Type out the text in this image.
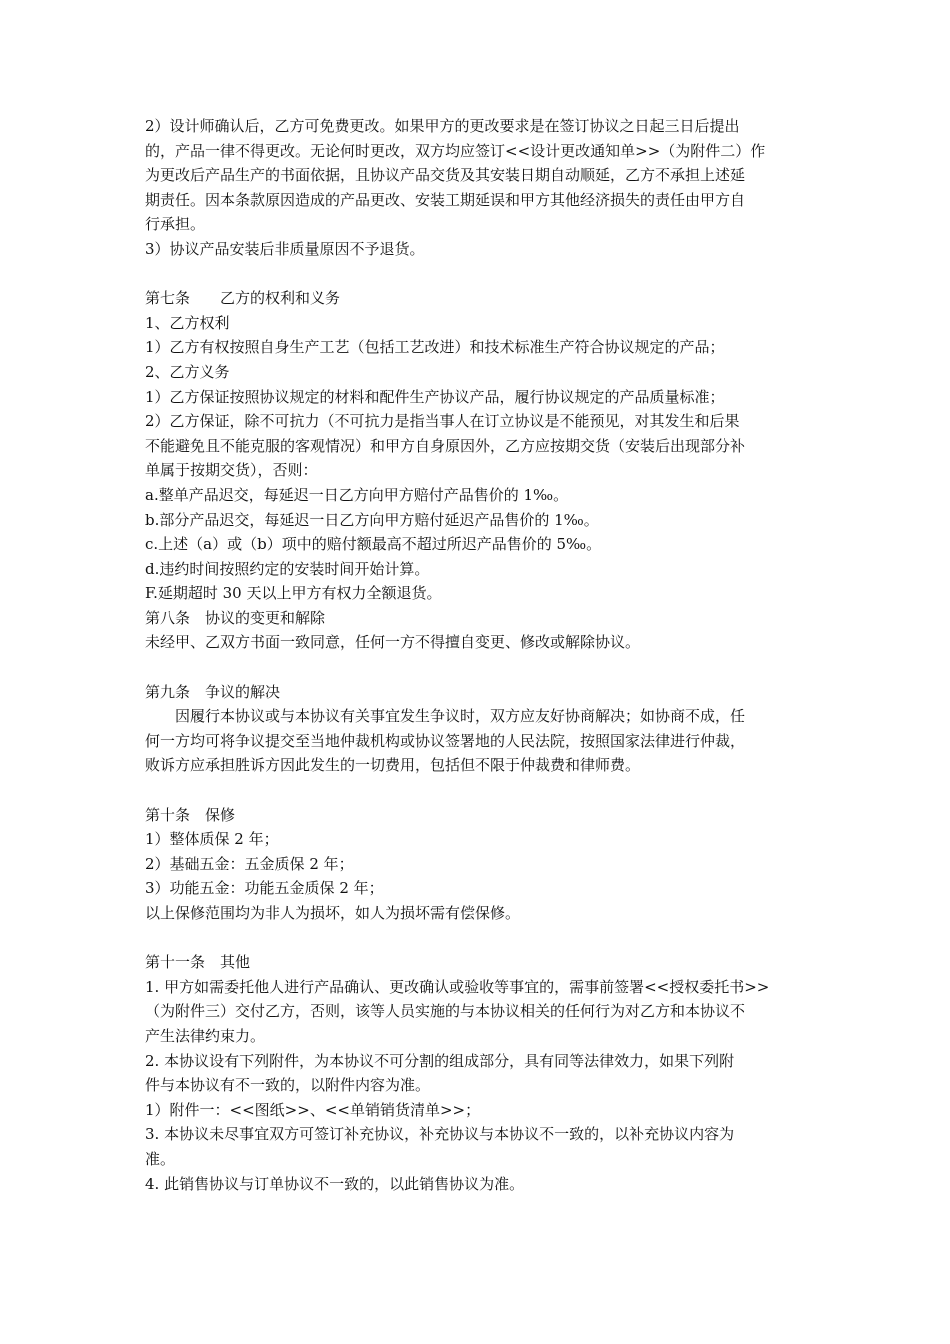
2）设计师确认后，乙方可免费更改。如果甲方的更改要求是在签订协议之日起三日后提出
的，产品一律不得更改。无论何时更改，双方均应签订<<设计更改通知单>>（为附件二）作
为更改后产品生产的书面依据，且协议产品交货及其安装日期自动顺延，乙方不承担上述延
期责任。因本条款原因造成的产品更改、安装工期延误和甲方其他经济损失的责任由甲方自
行承担。
3）协议产品安装后非质量原因不予退货。
第七条　　乙方的权利和义务
1、乙方权利
1）乙方有权按照自身生产工艺（包括工艺改进）和技术标准生产符合协议规定的产品；
2、乙方义务
1）乙方保证按照协议规定的材料和配件生产协议产品，履行协议规定的产品质量标准；
2）乙方保证，除不可抗力（不可抗力是指当事人在订立协议是不能预见，对其发生和后果
不能避免且不能克服的客观情况）和甲方自身原因外，乙方应按期交货（安装后出现部分补
单属于按期交货），否则：
a.整单产品迟交，每延迟一日乙方向甲方赔付产品售价的 1‰。
b.部分产品迟交，每延迟一日乙方向甲方赔付延迟产品售价的 1‰。
c.上述（a）或（b）项中的赔付额最高不超过所迟产品售价的 5‰。
d.违约时间按照约定的安装时间开始计算。
F.延期超时 30 天以上甲方有权力全额退货。
第八条　协议的变更和解除
未经甲、乙双方书面一致同意，任何一方不得擅自变更、修改或解除协议。
第九条　争议的解决
因履行本协议或与本协议有关事宜发生争议时，双方应友好协商解决；如协商不成，任
何一方均可将争议提交至当地仲裁机构或协议签署地的人民法院，按照国家法律进行仲裁，
败诉方应承担胜诉方因此发生的一切费用，包括但不限于仲裁费和律师费。
第十条　保修
1）整体质保 2 年；
2）基础五金：五金质保 2 年；
3）功能五金：功能五金质保 2 年；
以上保修范围均为非人为损坏，如人为损坏需有偿保修。
第十一条　其他
1. 甲方如需委托他人进行产品确认、更改确认或验收等事宜的，需事前签署<<授权委托书>>
（为附件三）交付乙方，否则，该等人员实施的与本协议相关的任何行为对乙方和本协议不
产生法律约束力。
2. 本协议设有下列附件，为本协议不可分割的组成部分，具有同等法律效力，如果下列附
件与本协议有不一致的，以附件内容为准。
1）附件一：<<图纸>>、<<单销销货清单>>；
3. 本协议未尽事宜双方可签订补充协议，补充协议与本协议不一致的，以补充协议内容为
准。
4. 此销售协议与订单协议不一致的，以此销售协议为准。
